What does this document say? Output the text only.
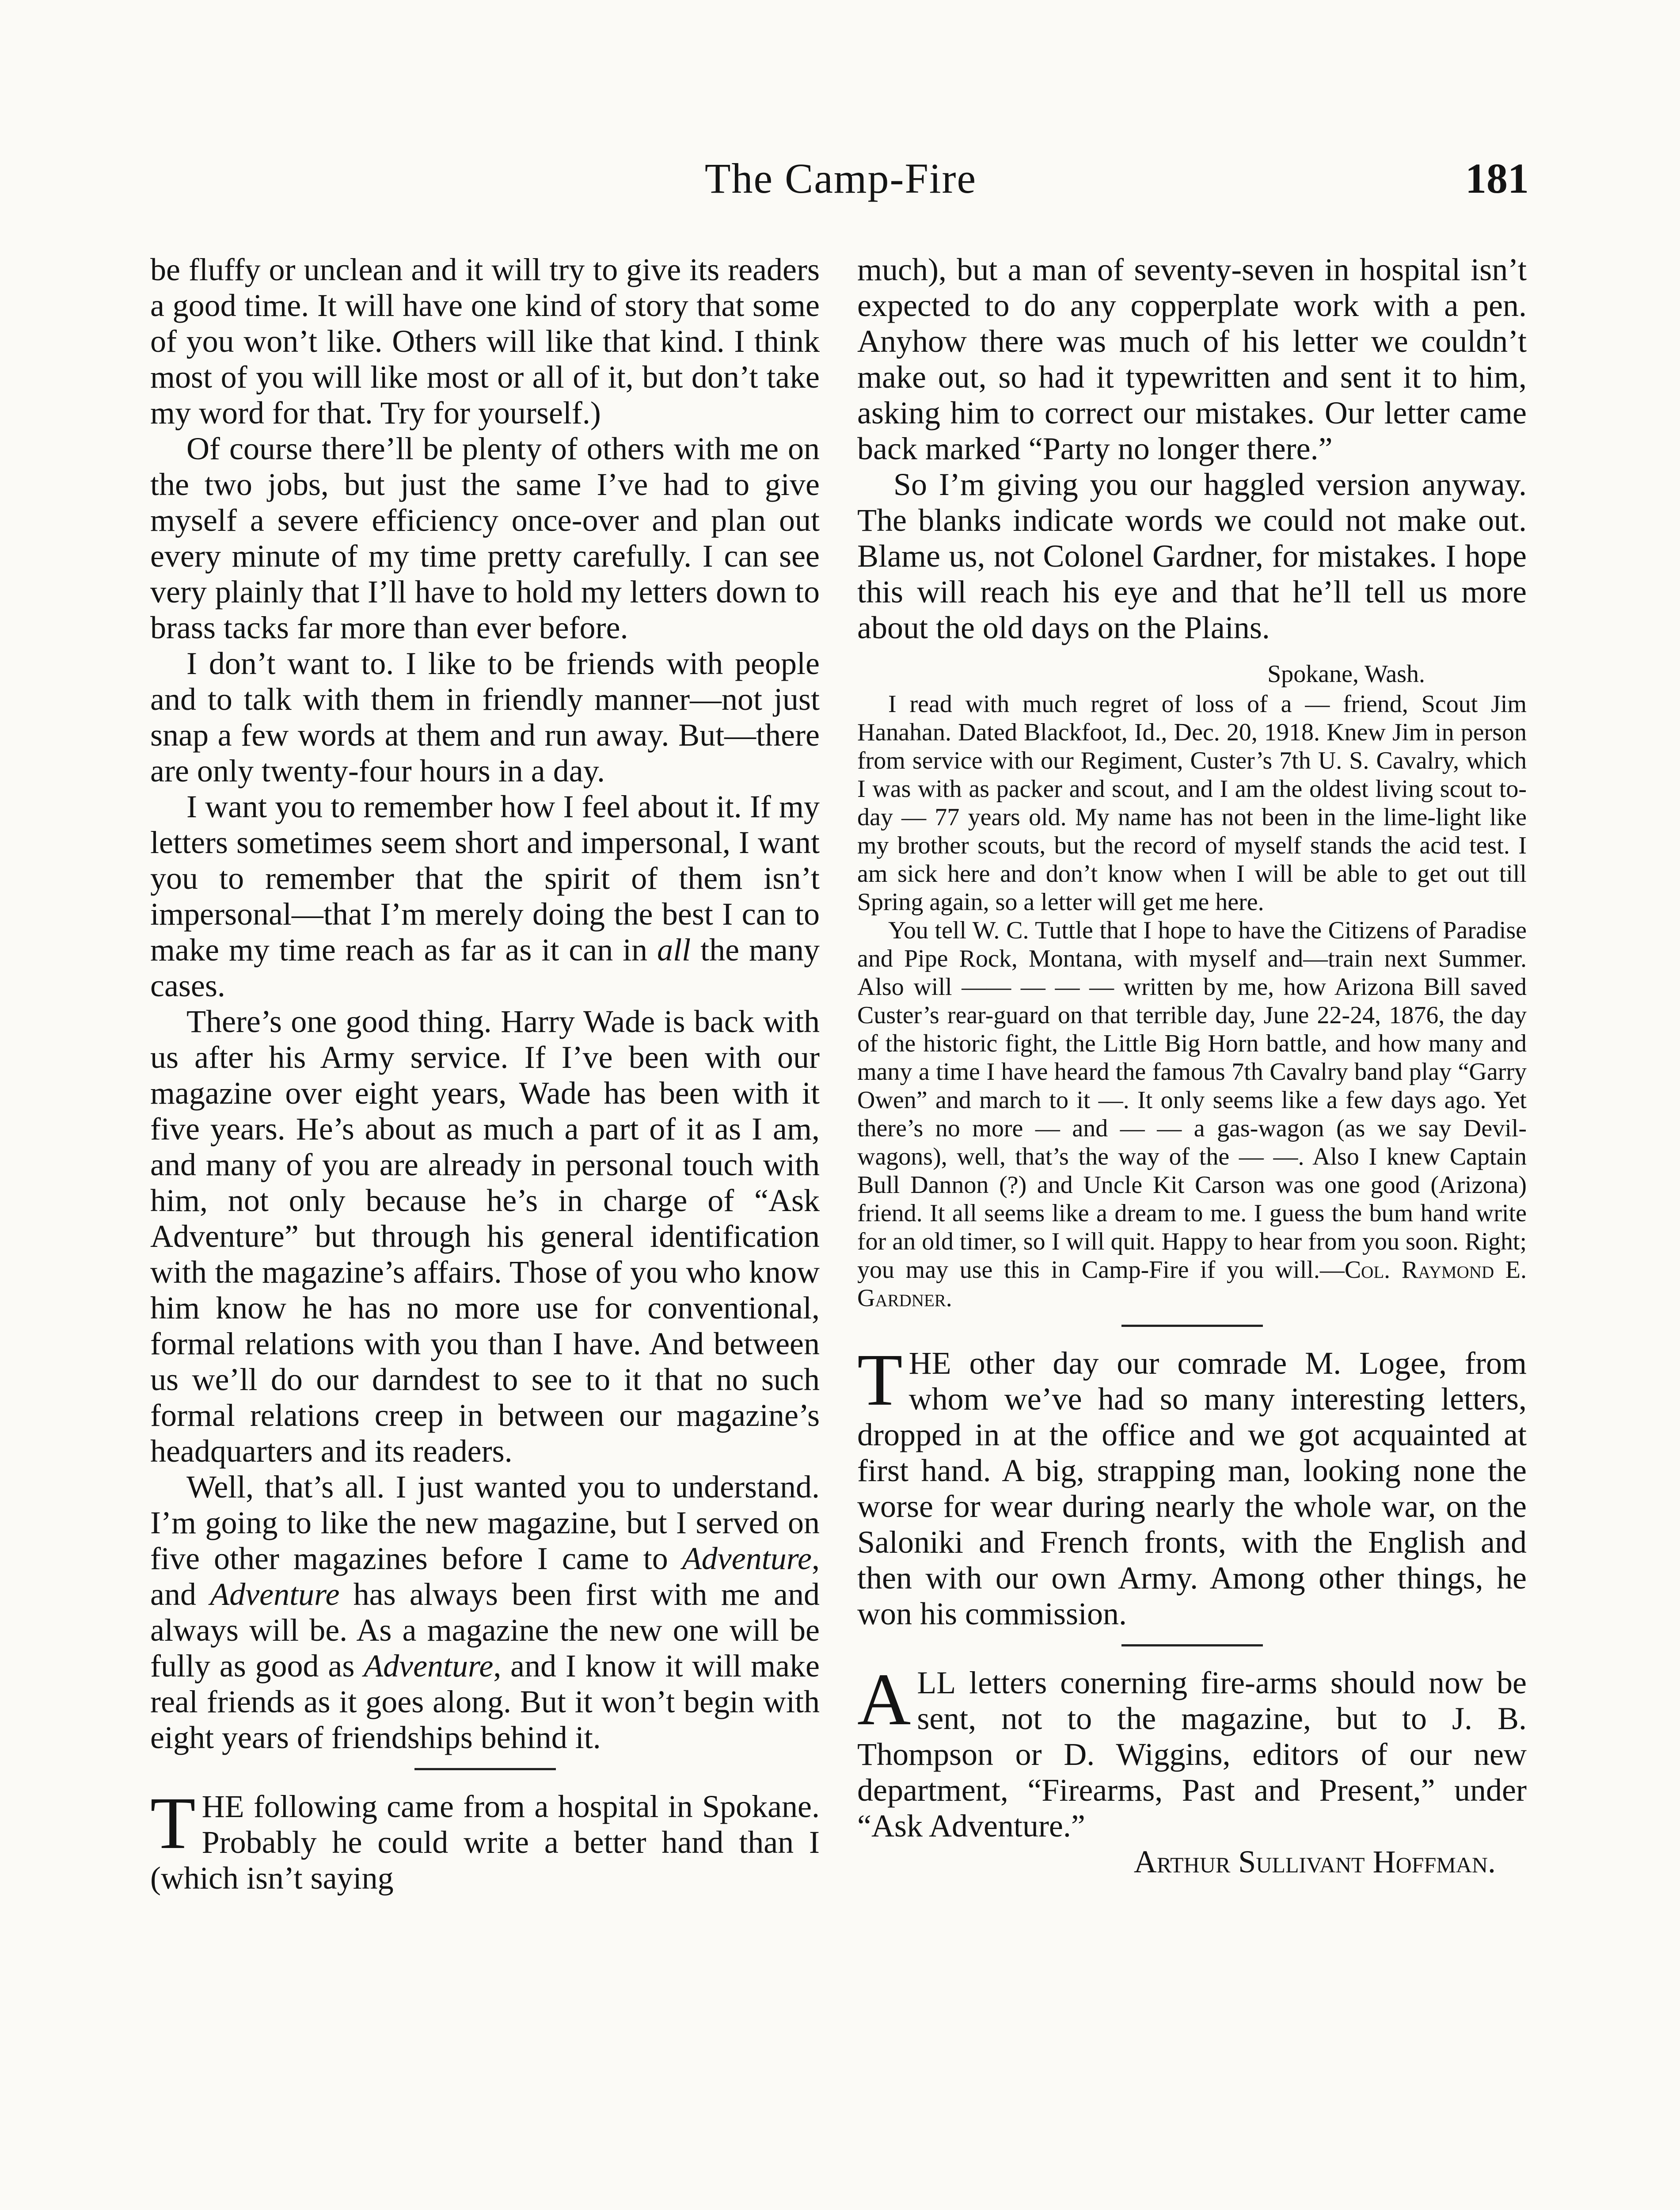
The Camp-Fire	181

be fluffy or unclean and it will try to give its readers a good time. It will have one kind of story that some of you won’t like. Others will like that kind. I think most of you will like most or all of it, but don’t take my word for that. Try for yourself.)

Of course there’ll be plenty of others with me on the two jobs, but just the same I’ve had to give myself a severe efficiency once-over and plan out every minute of my time pretty carefully. I can see very plainly that I’ll have to hold my letters down to brass tacks far more than ever before.

I don’t want to. I like to be friends with people and to talk with them in friendly manner—not just snap a few words at them and run away. But—there are only twenty-four hours in a day.

I want you to remember how I feel about it. If my letters sometimes seem short and impersonal, I want you to remember that the spirit of them isn’t impersonal—that I’m merely doing the best I can to make my time reach as far as it can in all the many cases.

There’s one good thing. Harry Wade is back with us after his Army service. If I’ve been with our magazine over eight years, Wade has been with it five years. He’s about as much a part of it as I am, and many of you are already in personal touch with him, not only because he’s in charge of “Ask Adventure” but through his general identification with the magazine’s affairs. Those of you who know him know he has no more use for conventional, formal relations with you than I have. And between us we’ll do our darndest to see to it that no such formal relations creep in between our magazine’s headquarters and its readers.

Well, that’s all. I just wanted you to understand. I’m going to like the new magazine, but I served on five other magazines before I came to Adventure, and Adventure has always been first with me and always will be. As a magazine the new one will be fully as good as Adventure, and I know it will make real friends as it goes along. But it won’t begin with eight years of friendships behind it.

THE following came from a hospital in Spokane. Probably he could write a better hand than I (which isn’t saying

much), but a man of seventy-seven in hospital isn’t expected to do any copperplate work with a pen. Anyhow there was much of his letter we couldn’t make out, so had it typewritten and sent it to him, asking him to correct our mistakes. Our letter came back marked “Party no longer there.”

So I’m giving you our haggled version anyway. The blanks indicate words we could not make out. Blame us, not Colonel Gardner, for mistakes. I hope this will reach his eye and that he’ll tell us more about the old days on the Plains.

Spokane, Wash.

I read with much regret of loss of a — friend, Scout Jim Hanahan. Dated Blackfoot, Id., Dec. 20, 1918. Knew Jim in person from service with our Regiment, Custer’s 7th U. S. Cavalry, which I was with as packer and scout, and I am the oldest living scout to-day — 77 years old. My name has not been in the lime-light like my brother scouts, but the record of myself stands the acid test. I am sick here and don’t know when I will be able to get out till Spring again, so a letter will get me here.

You tell W. C. Tuttle that I hope to have the Citizens of Paradise and Pipe Rock, Montana, with myself and—train next Summer. Also will —— — — — written by me, how Arizona Bill saved Custer’s rear-guard on that terrible day, June 22-24, 1876, the day of the historic fight, the Little Big Horn battle, and how many and many a time I have heard the famous 7th Cavalry band play “Garry Owen” and march to it —. It only seems like a few days ago. Yet there’s no more — and — — a gas-wagon (as we say Devil-wagons), well, that’s the way of the — —. Also I knew Captain Bull Dannon (?) and Uncle Kit Carson was one good (Arizona) friend. It all seems like a dream to me. I guess the bum hand write for an old timer, so I will quit. Happy to hear from you soon. Right; you may use this in Camp-Fire if you will.—Col. Raymond E. Gardner.

THE other day our comrade M. Logee, from whom we’ve had so many interesting letters, dropped in at the office and we got acquainted at first hand. A big, strapping man, looking none the worse for wear during nearly the whole war, on the Saloniki and French fronts, with the English and then with our own Army. Among other things, he won his commission.

ALL letters conerning fire-arms should now be sent, not to the magazine, but to J. B. Thompson or D. Wiggins, editors of our new department, “Firearms, Past and Present,” under “Ask Adventure.”

Arthur Sullivant Hoffman.
